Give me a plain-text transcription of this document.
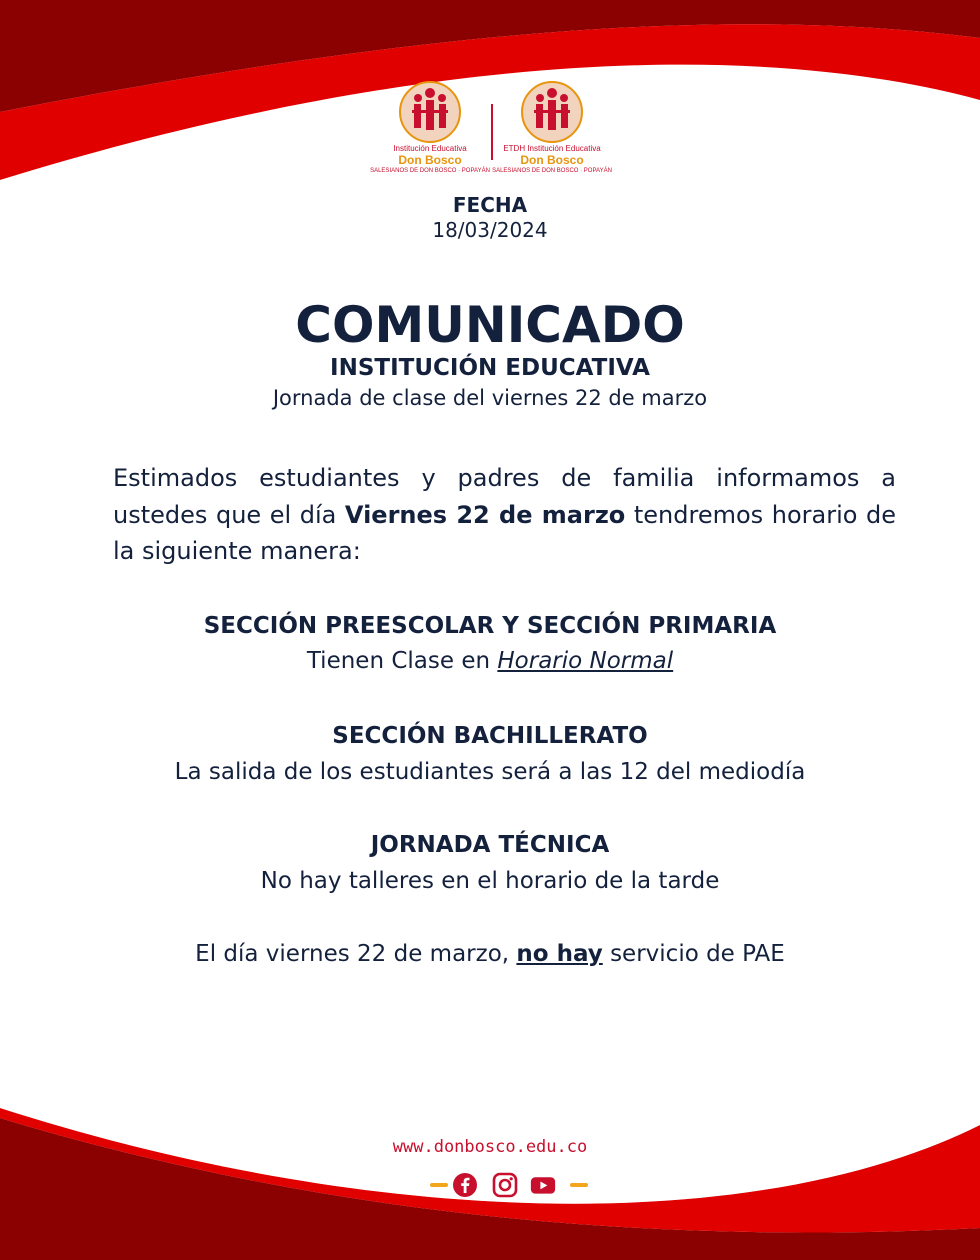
Institución Educativa
Don Bosco
SALESIANOS DE DON BOSCO · POPAYÁN
ETDH Institución Educativa
Don Bosco
SALESIANOS DE DON BOSCO · POPAYÁN
FECHA
18/03/2024
COMUNICADO
INSTITUCIÓN EDUCATIVA
Jornada de clase del viernes 22 de marzo
Estimados estudiantes y padres de familia informamos a ustedes que el día Viernes 22 de marzo tendremos horario de la siguiente manera:
SECCIÓN PREESCOLAR Y SECCIÓN PRIMARIA
Tienen Clase en Horario Normal
SECCIÓN BACHILLERATO
La salida de los estudiantes será a las 12 del mediodía
JORNADA TÉCNICA
No hay talleres en el horario de la tarde
El día viernes 22 de marzo, no hay servicio de PAE
www.donbosco.edu.co
